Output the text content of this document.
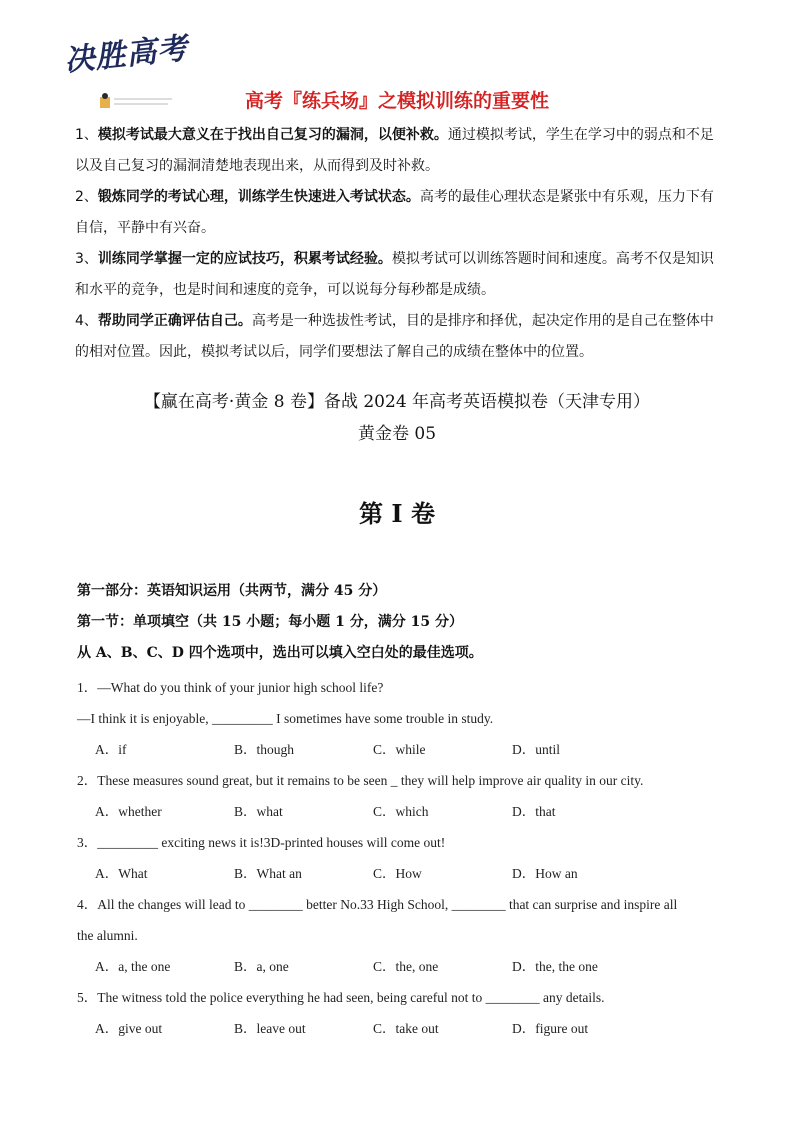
决胜高考
高考『练兵场』之模拟训练的重要性

1、模拟考试最大意义在于找出自己复习的漏洞，以便补救。通过模拟考试，学生在学习中的弱点和不足以及自己复习的漏洞清楚地表现出来，从而得到及时补救。

2、锻炼同学的考试心理，训练学生快速进入考试状态。高考的最佳心理状态是紧张中有乐观，压力下有自信，平静中有兴奋。

3、训练同学掌握一定的应试技巧，积累考试经验。模拟考试可以训练答题时间和速度。高考不仅是知识和水平的竞争，也是时间和速度的竞争，可以说每分每秒都是成绩。

4、帮助同学正确评估自己。高考是一种选拔性考试，目的是排序和择优，起决定作用的是自己在整体中的相对位置。因此，模拟考试以后，同学们要想法了解自己的成绩在整体中的位置。

【赢在高考·黄金 8 卷】备战 2024 年高考英语模拟卷（天津专用）
黄金卷 05
第 I 卷

第一部分：英语知识运用（共两节，满分 45 分）

第一节：单项填空（共 15 小题；每小题 1 分，满分 15 分）

从 A、B、C、D 四个选项中，选出可以填入空白处的最佳选项。

1．—What do you think of your junior high school life?

—I think it is enjoyable, _________ I sometimes have some trouble in study.

A．if	B．though	C．while	D．until

2．These measures sound great, but it remains to be seen _ they will help improve air quality in our city.

A．whether	B．what	C．which	D．that

3．_________ exciting news it is!3D-printed houses will come out!

A．What	B．What an	C．How	D．How an

4．All the changes will lead to ________ better No.33 High School, ________ that can surprise and inspire all

the alumni.

A．a, the one	B．a, one	C．the, one	D．the, the one

5．The witness told the police everything he had seen, being careful not to ________ any details.

A．give out	B．leave out	C．take out	D．figure out
